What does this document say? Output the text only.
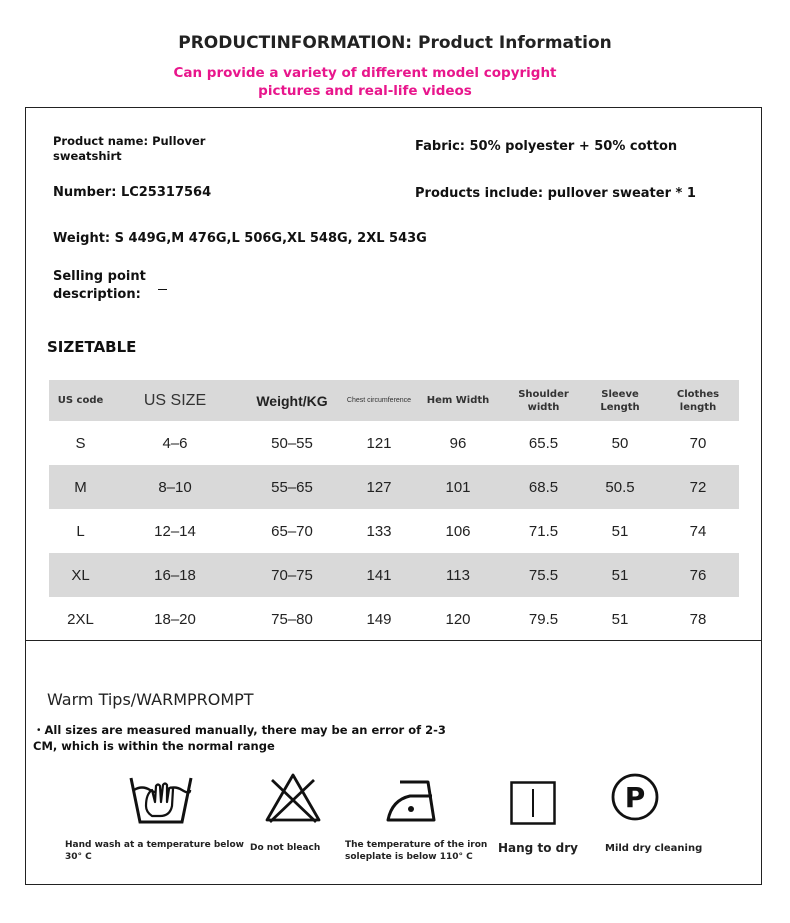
PRODUCTINFORMATION: Product Information
Can provide a variety of different model copyright pictures and real-life videos
Product name: Pullover sweatshirt
Fabric: 50% polyester + 50% cotton
Number: LC25317564	Products include: pullover sweater * 1
Weight: S 449G,M 476G,L 506G,XL 548G, 2XL 543G
Selling point description:
SIZETABLE
US code	US SIZE	Weight/KG	Chest circumference	Hem Width	Shoulder width	Sleeve Length	Clothes length
S	4–6	50–55	121	96	65.5	50	70
M	8–10	55–65	127	101	68.5	50.5	72
L	12–14	65–70	133	106	71.5	51	74
XL	16–18	70–75	141	113	75.5	51	76
2XL	18–20	75–80	149	120	79.5	51	78
Warm Tips/WARMPROMPT
・All sizes are measured manually, there may be an error of 2-3 CM, which is within the normal range
P
Hand wash at a temperature below 30° C
Do not bleach	The temperature of the iron soleplate is below 110° C
Hang to dry	Mild dry cleaning
